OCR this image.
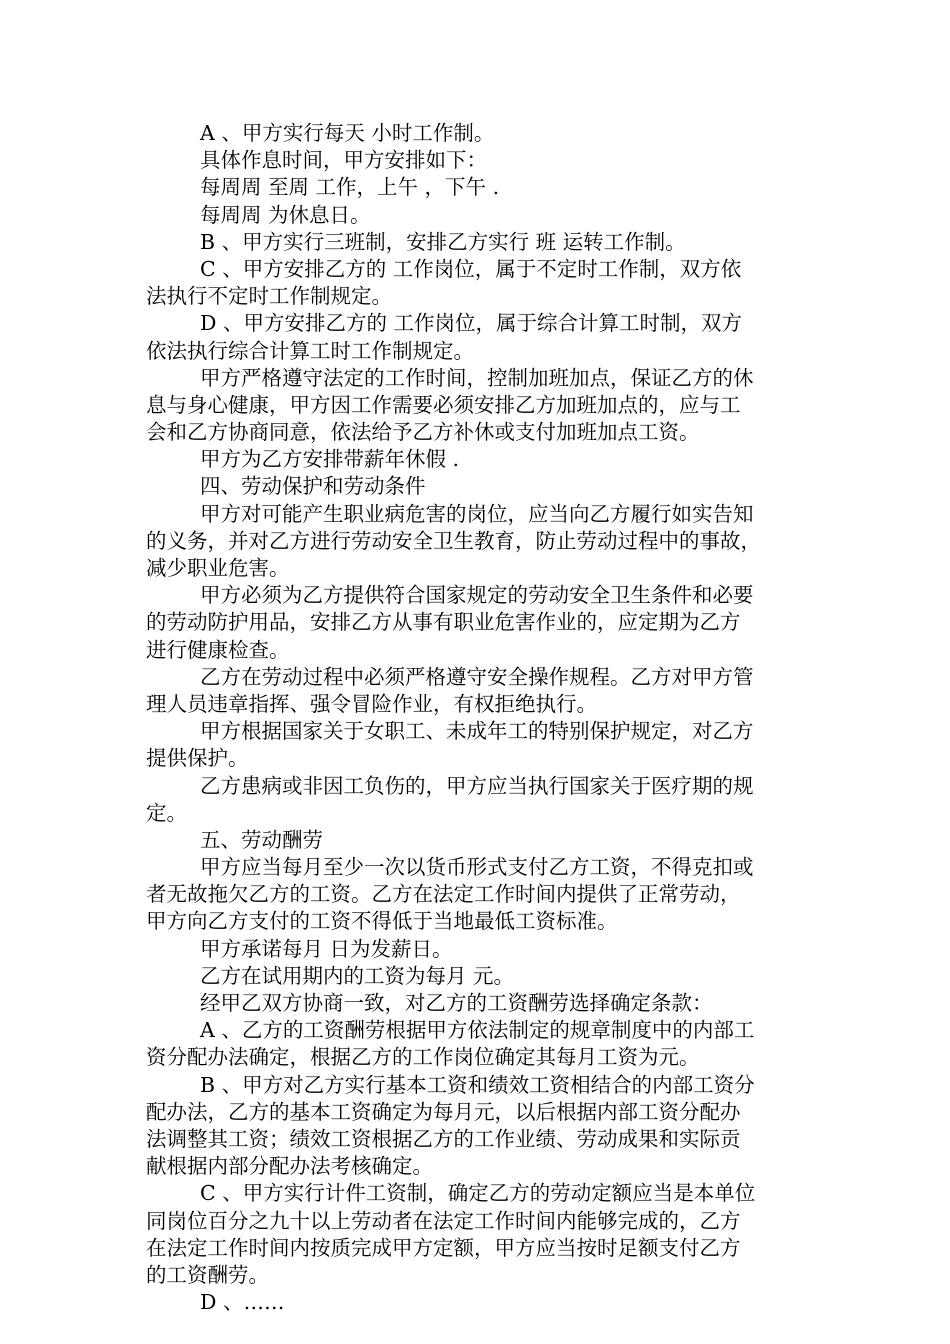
A 、甲方实行每天 小时工作制。
具体作息时间，甲方安排如下：
每周周 至周 工作，上午 ，下午 .
每周周 为休息日。
B 、甲方实行三班制，安排乙方实行 班 运转工作制。
C 、甲方安排乙方的 工作岗位，属于不定时工作制，双方依
法执行不定时工作制规定。
D 、甲方安排乙方的 工作岗位，属于综合计算工时制，双方
依法执行综合计算工时工作制规定。
甲方严格遵守法定的工作时间，控制加班加点，保证乙方的休
息与身心健康，甲方因工作需要必须安排乙方加班加点的，应与工
会和乙方协商同意，依法给予乙方补休或支付加班加点工资。
甲方为乙方安排带薪年休假 .
四、劳动保护和劳动条件
甲方对可能产生职业病危害的岗位，应当向乙方履行如实告知
的义务，并对乙方进行劳动安全卫生教育，防止劳动过程中的事故，
减少职业危害。
甲方必须为乙方提供符合国家规定的劳动安全卫生条件和必要
的劳动防护用品，安排乙方从事有职业危害作业的，应定期为乙方
进行健康检查。
乙方在劳动过程中必须严格遵守安全操作规程。乙方对甲方管
理人员违章指挥、强令冒险作业，有权拒绝执行。
甲方根据国家关于女职工、未成年工的特别保护规定，对乙方
提供保护。
乙方患病或非因工负伤的，甲方应当执行国家关于医疗期的规
定。
五、劳动酬劳
甲方应当每月至少一次以货币形式支付乙方工资，不得克扣或
者无故拖欠乙方的工资。乙方在法定工作时间内提供了正常劳动，
甲方向乙方支付的工资不得低于当地最低工资标准。
甲方承诺每月 日为发薪日。
乙方在试用期内的工资为每月 元。
经甲乙双方协商一致，对乙方的工资酬劳选择确定条款：
A 、乙方的工资酬劳根据甲方依法制定的规章制度中的内部工
资分配办法确定，根据乙方的工作岗位确定其每月工资为元。
B 、甲方对乙方实行基本工资和绩效工资相结合的内部工资分
配办法，乙方的基本工资确定为每月元，以后根据内部工资分配办
法调整其工资；绩效工资根据乙方的工作业绩、劳动成果和实际贡
献根据内部分配办法考核确定。
C 、甲方实行计件工资制，确定乙方的劳动定额应当是本单位
同岗位百分之九十以上劳动者在法定工作时间内能够完成的，乙方
在法定工作时间内按质完成甲方定额，甲方应当按时足额支付乙方
的工资酬劳。
D 、……
